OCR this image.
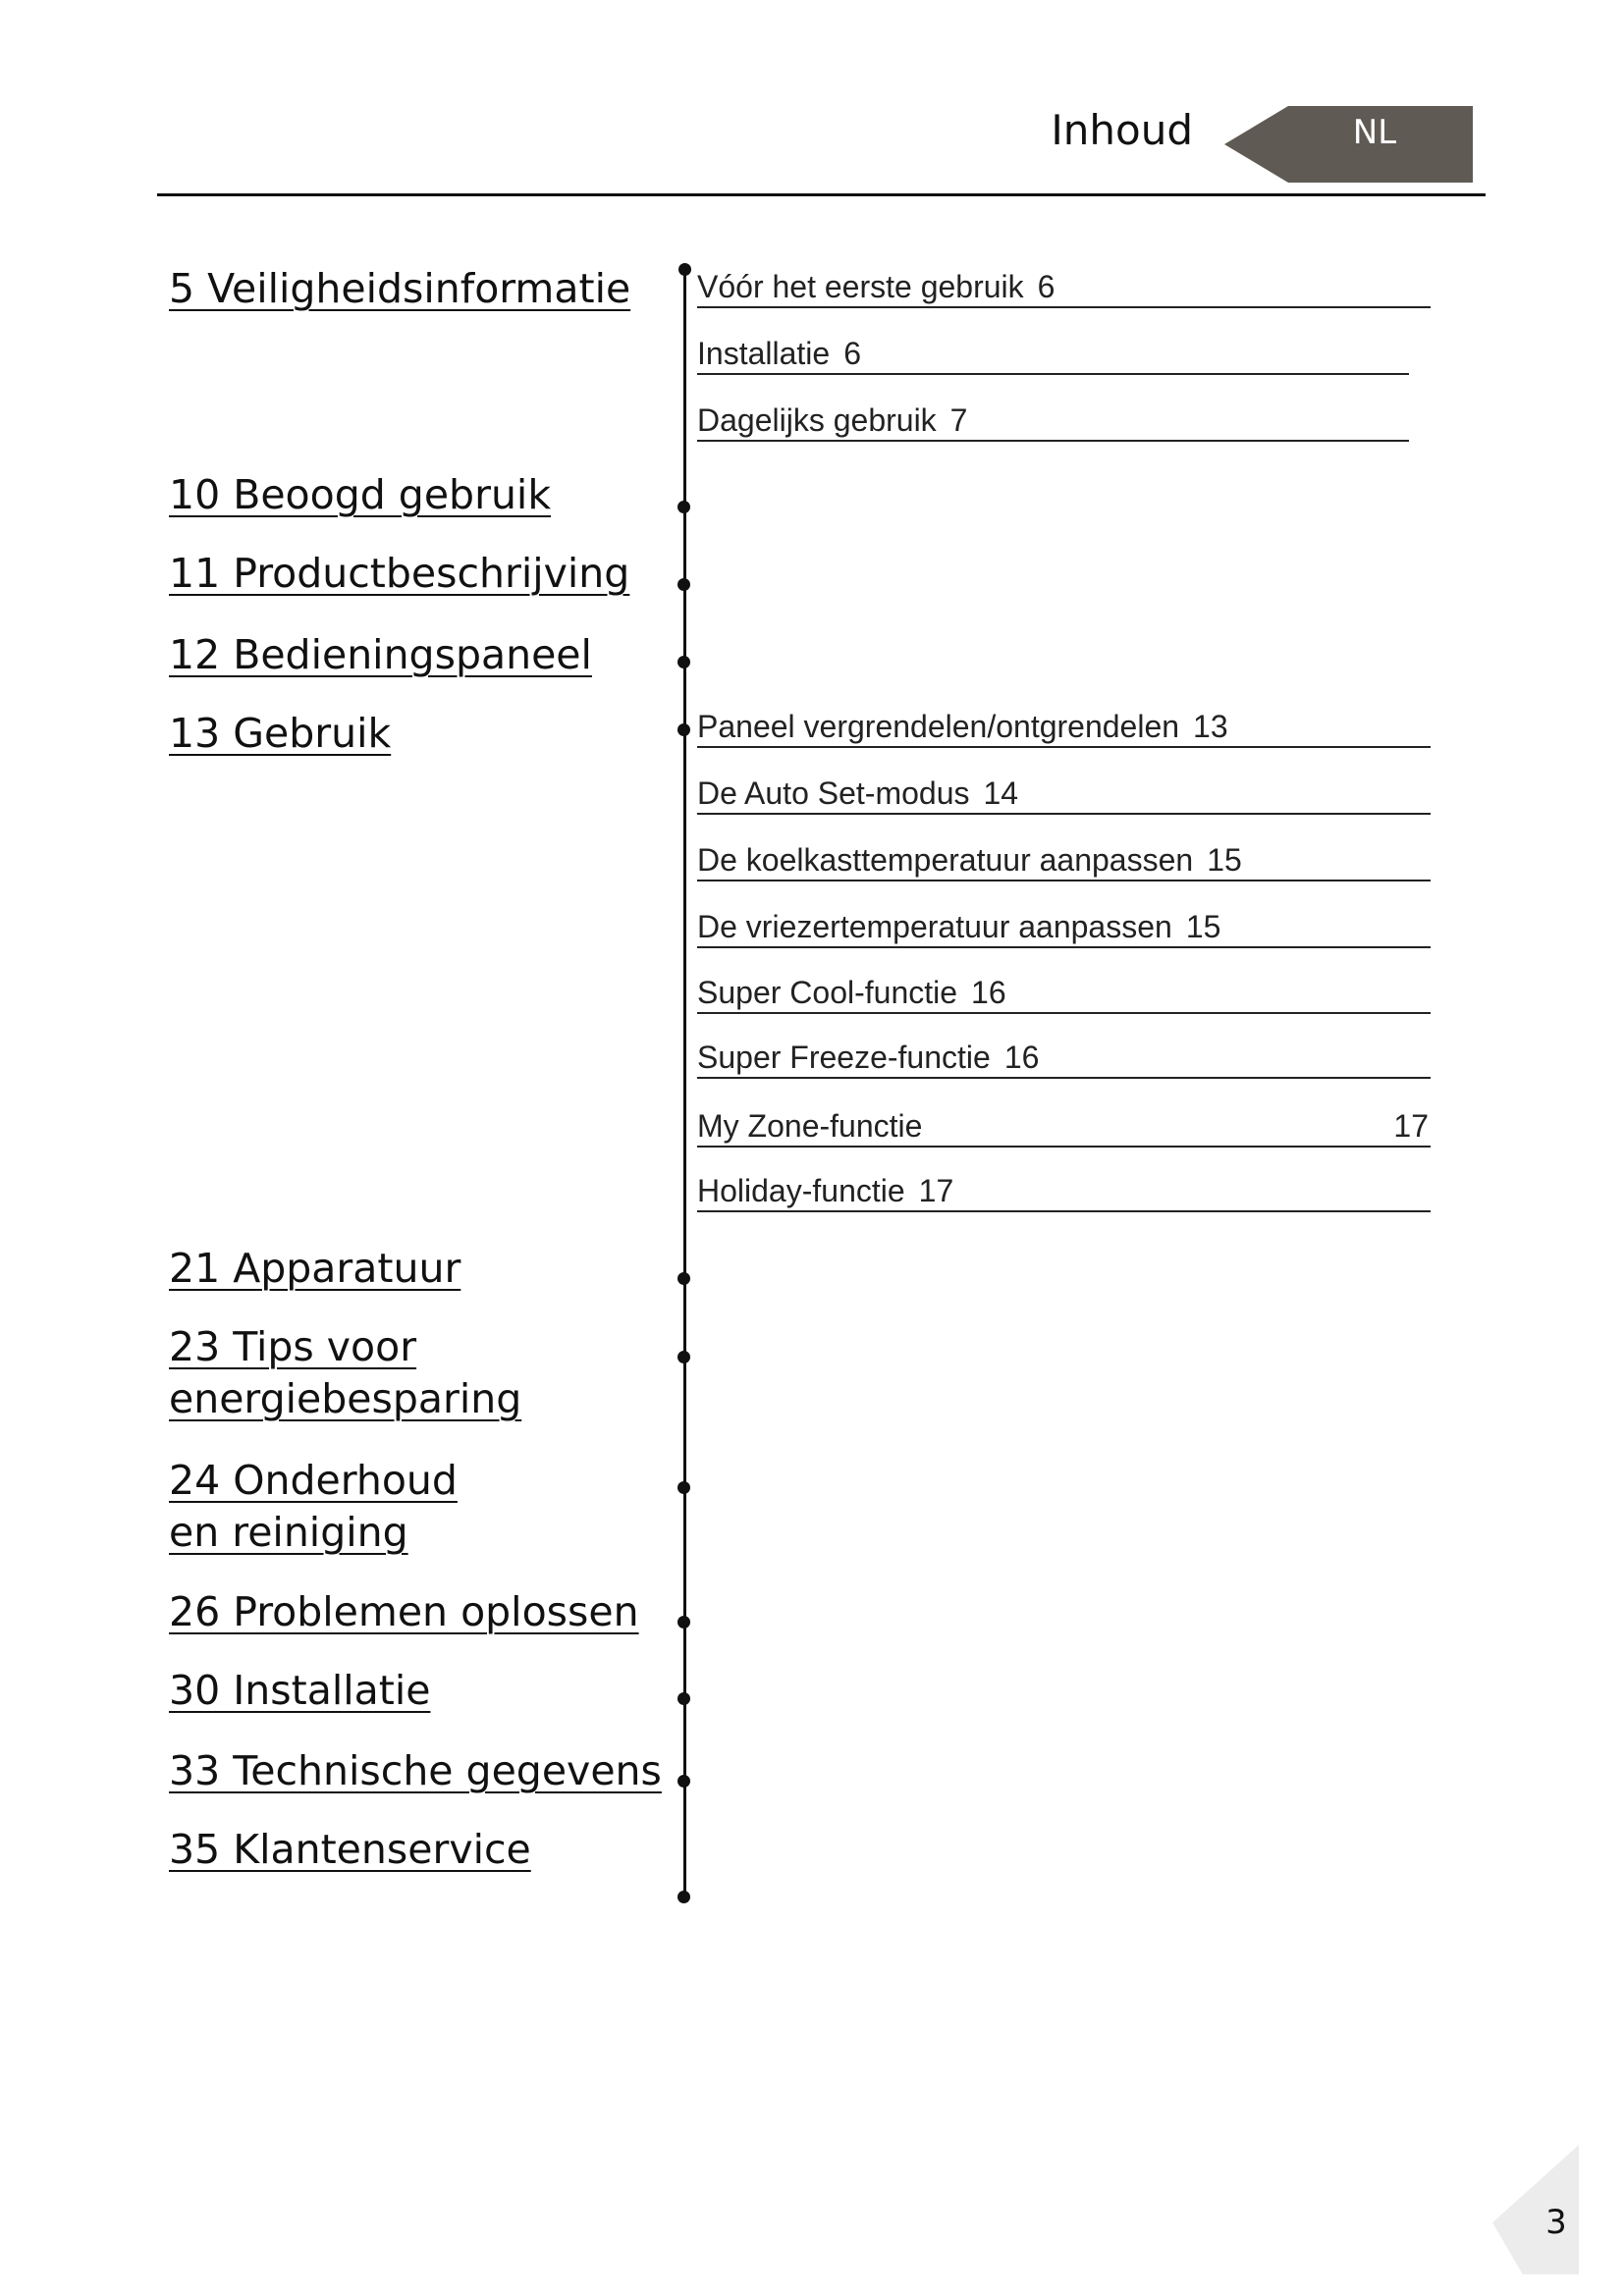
Inhoud	NL
5 Veiligheidsinformatie
10 Beoogd gebruik
11 Productbeschrijving
12 Bedieningspaneel
13 Gebruik
21 Apparatuur
23 Tips voor
energiebesparing
24 Onderhoud
en reiniging
26 Problemen oplossen
30 Installatie
33 Technische gegevens
35 Klantenservice
Vóór het eerste gebruik 6
Installatie 6
Dagelijks gebruik 7
Paneel vergrendelen/ontgrendelen 13
De Auto Set-modus 14
De koelkasttemperatuur aanpassen 15
De vriezertemperatuur aanpassen 15
Super Cool-functie 16
Super Freeze-functie 16
My Zone-functie	17
Holiday-functie 17
3
